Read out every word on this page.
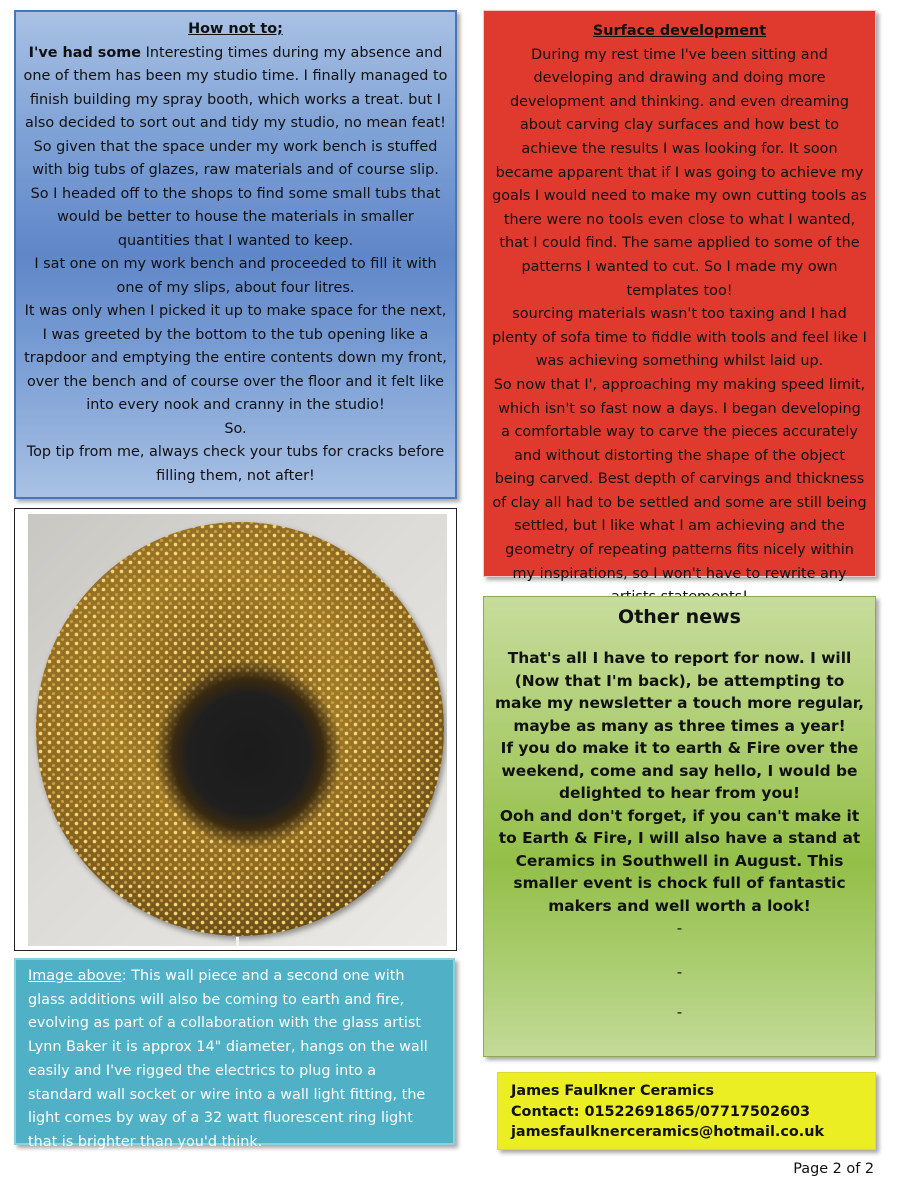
How not to;

I've had some Interesting times during my absence and one of them has been my studio time. I finally managed to finish building my spray booth, which works a treat. but I also decided to sort out and tidy my studio, no mean feat! So given that the space under my work bench is stuffed with big tubs of glazes, raw materials and of course slip.

So I headed off to the shops to find some small tubs that would be better to house the materials in smaller quantities that I wanted to keep.

I sat one on my work bench and proceeded to fill it with one of my slips, about four litres.

It was only when I picked it up to make space for the next, I was greeted by the bottom to the tub opening like a trapdoor and emptying the entire contents down my front, over the bench and of course over the floor and it felt like into every nook and cranny in the studio!

So.

Top tip from me, always check your tubs for cracks before filling them, not after!

Surface development

During my rest time I've been sitting and developing and drawing and doing more development and thinking. and even dreaming about carving clay surfaces and how best to achieve the results I was looking for. It soon became apparent that if I was going to achieve my goals I would need to make my own cutting tools as there were no tools even close to what I wanted, that I could find. The same applied to some of the patterns I wanted to cut. So I made my own templates too!

sourcing materials wasn't too taxing and I had plenty of sofa time to fiddle with tools and feel like I was achieving something whilst laid up.

So now that I', approaching my making speed limit, which isn't so fast now a days. I began developing a comfortable way to carve the pieces accurately and without distorting the shape of the object being carved. Best depth of carvings and thickness of clay all had to be settled and some are still being settled, but I like what I am achieving and the geometry of repeating patterns fits nicely within my inspirations, so I won't have to rewrite any

Image above: This wall piece and a second one with glass additions will also be coming to earth and fire, evolving as part of a collaboration with the glass artist Lynn Baker it is approx 14" diameter, hangs on the wall easily and I've rigged the electrics to plug into a standard wall socket or wire into a wall light fitting, the light comes by way of a 32 watt fluorescent ring light that is brighter than you'd think.

Other news

That's all I have to report for now. I will (Now that I'm back), be attempting to make my newsletter a touch more regular, maybe as many as three times a year!

If you do make it to earth & Fire over the weekend, come and say hello, I would be delighted to hear from you!

Ooh and don't forget, if you can't make it to Earth & Fire, I will also have a stand at Ceramics in Southwell in August. This smaller event is chock full of fantastic makers and well worth a look!

-
-
-
James Faulkner Ceramics
Contact: 01522691865/07717502603
jamesfaulknerceramics@hotmail.co.uk
Page 2 of 2
